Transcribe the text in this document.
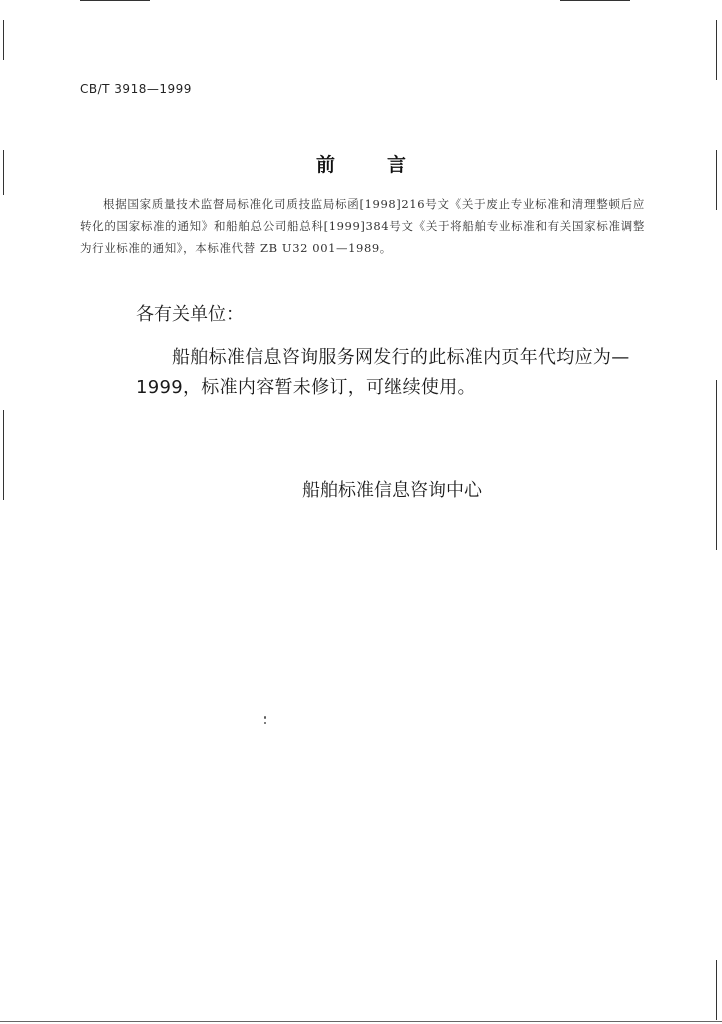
CB/T 3918—1999
前	言

根据国家质量技术监督局标准化司质技监局标函[1998]216号文《关于废止专业标准和清理整顿后应转化的国家标准的通知》和船舶总公司船总科[1999]384号文《关于将船舶专业标准和有关国家标准调整为行业标准的通知》，本标准代替 ZB U32 001—1989。

各有关单位：

船舶标准信息咨询服务网发行的此标准内页年代均应为—1999，标准内容暂未修订，可继续使用。

船舶标准信息咨询中心
